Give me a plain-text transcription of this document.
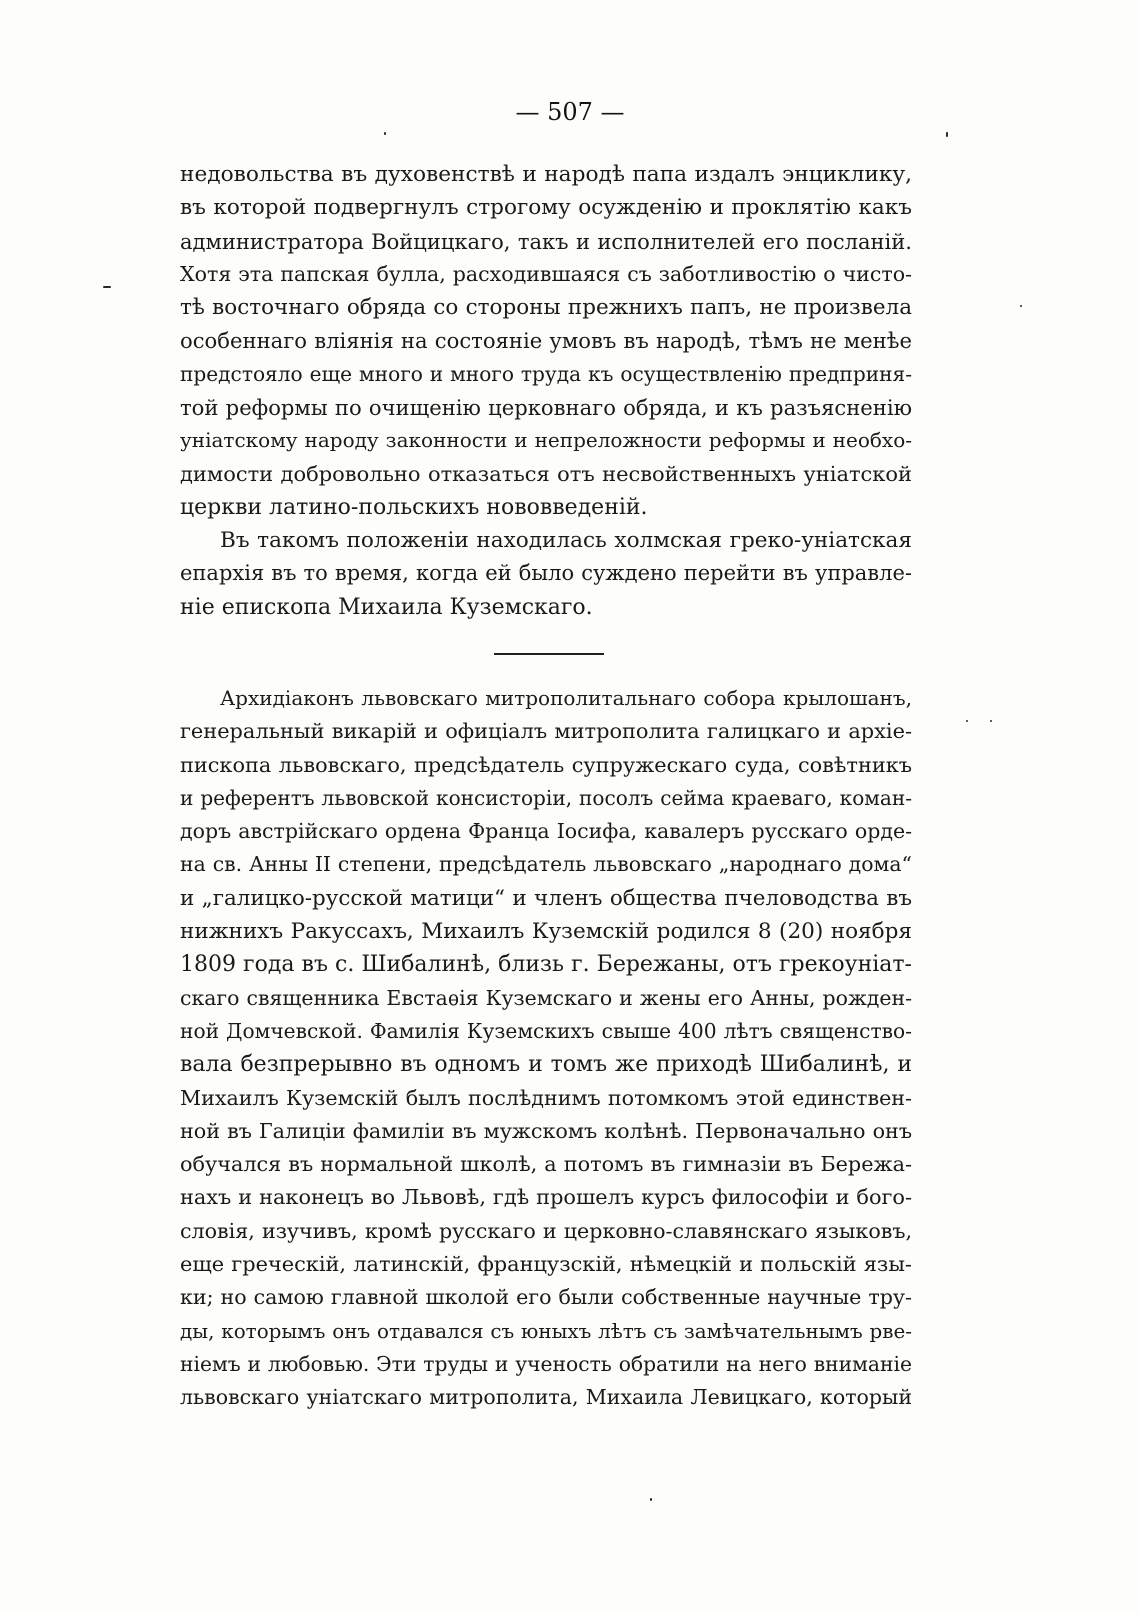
— 507 —
недовольства въ духовенствѣ и народѣ папа издалъ энциклику,
въ которой подвергнулъ строгому осужденію и проклятію какъ
администратора Войцицкаго, такъ и исполнителей его посланій.
Хотя эта папская булла, расходившаяся съ заботливостію о чисто-
тѣ восточнаго обряда со стороны прежнихъ папъ, не произвела
особеннаго вліянія на состояніе умовъ въ народѣ, тѣмъ не менѣе
предстояло еще много и много труда къ осуществленію предприня-
той реформы по очищенію церковнаго обряда, и къ разъясненію
уніатскому народу законности и непреложности реформы и необхо-
димости добровольно отказаться отъ несвойственныхъ уніатской
церкви латино-польскихъ нововведеній.
Въ такомъ положеніи находилась холмская греко-уніатская
епархія въ то время, когда ей было суждено перейти въ управле-
ніе епископа Михаила Куземскаго.
Архидіаконъ львовскаго митрополитальнаго собора крылошанъ,
генеральный викарій и офиціалъ митрополита галицкаго и архіе-
пископа львовскаго, предсѣдатель супружескаго суда, совѣтникъ
и референтъ львовской консисторіи, посолъ сейма краеваго, коман-
доръ австрійскаго ордена Франца Іосифа, кавалеръ русскаго орде-
на св. Анны II степени, предсѣдатель львовскаго „народнаго дома“
и „галицко-русской матици“ и членъ общества пчеловодства въ
нижнихъ Ракуссахъ, Михаилъ Куземскій родился 8 (20) ноября
1809 года въ с. Шибалинѣ, близь г. Бережаны, отъ грекоуніат-
скаго священника Евстаѳія Куземскаго и жены его Анны, рожден-
ной Домчевской. Фамилія Куземскихъ свыше 400 лѣтъ священство-
вала безпрерывно въ одномъ и томъ же приходѣ Шибалинѣ, и
Михаилъ Куземскій былъ послѣднимъ потомкомъ этой единствен-
ной въ Галиціи фамиліи въ мужскомъ колѣнѣ. Первоначально онъ
обучался въ нормальной школѣ, а потомъ въ гимназіи въ Бережа-
нахъ и наконецъ во Львовѣ, гдѣ прошелъ курсъ философіи и бого-
словія, изучивъ, кромѣ русскаго и церковно-славянскаго языковъ,
еще греческій, латинскій, французскій, нѣмецкій и польскій язы-
ки; но самою главной школой его были собственные научные тру-
ды, которымъ онъ отдавался съ юныхъ лѣтъ съ замѣчательнымъ рве-
ніемъ и любовью. Эти труды и ученость обратили на него вниманіе
львовскаго уніатскаго митрополита, Михаила Левицкаго, который
